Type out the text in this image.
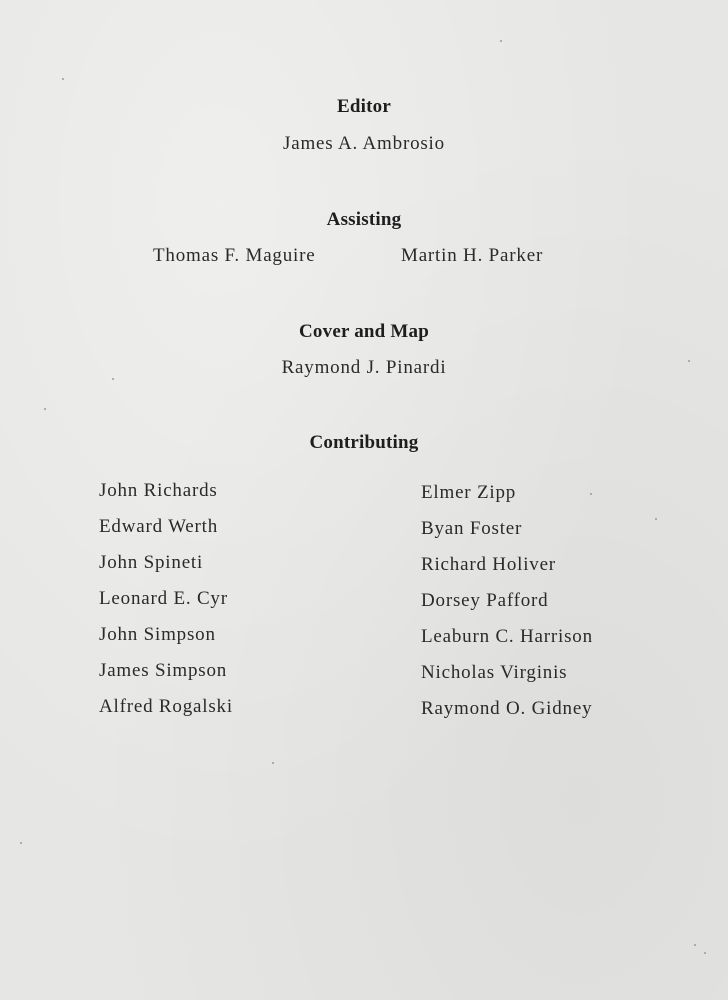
Editor
James A. Ambrosio
Assisting
Thomas F. Maguire	Martin H. Parker
Cover and Map
Raymond J. Pinardi
Contributing
John Richards
Edward Werth
John Spineti
Leonard E. Cyr
John Simpson
James Simpson
Alfred Rogalski
Elmer Zipp
Byan Foster
Richard Holiver
Dorsey Pafford
Leaburn C. Harrison
Nicholas Virginis
Raymond O. Gidney
